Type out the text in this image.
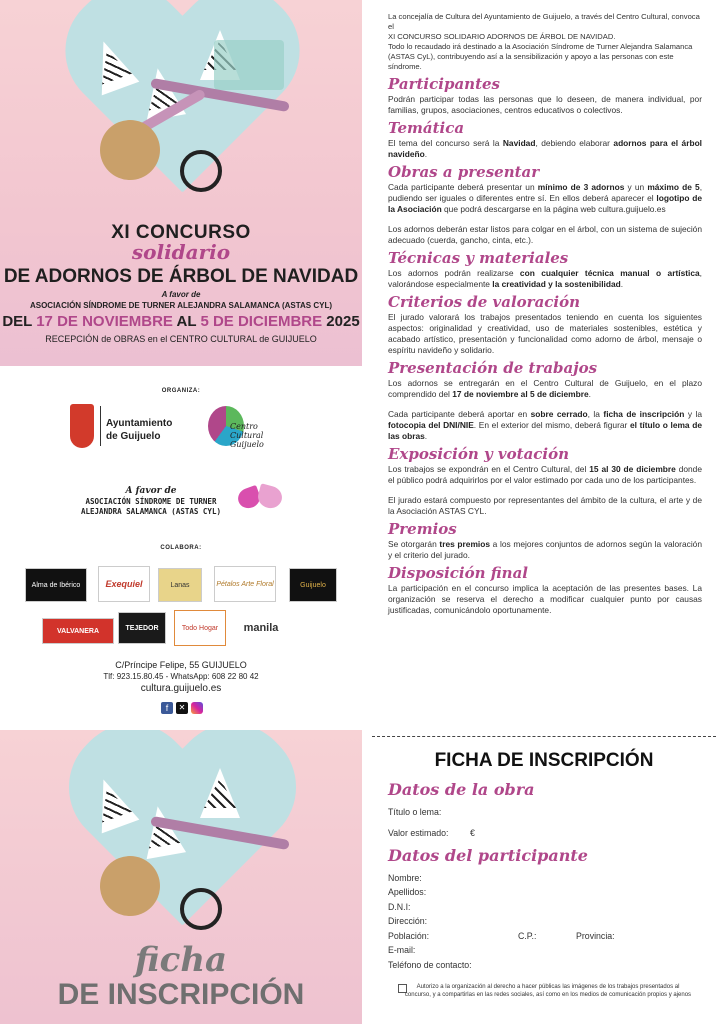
XI CONCURSO
solidario
DE ADORNOS DE ÁRBOL DE NAVIDAD
A favor de
ASOCIACIÓN SÍNDROME DE TURNER ALEJANDRA SALAMANCA (ASTAS CYL)
DEL 17 DE NOVIEMBRE AL 5 DE DICIEMBRE 2025
RECEPCIÓN de OBRAS en el CENTRO CULTURAL de GUIJUELO
ORGANIZA:
Ayuntamiento de Guijuelo
Centro Cultural Guijuelo
A favor de
ASOCIACIÓN SÍNDROME DE TURNER ALEJANDRA SALAMANCA (ASTAS CYL)
COLABORA:
Alma de Ibérico	Exequiel	Lanas	Pétalos Arte Floral	Guijuelo
VALVANERA	TEJEDOR	Todo Hogar	manila
C/Príncipe Felipe, 55 GUIJUELO
Tlf: 923.15.80.45 - WhatsApp: 608 22 80 42
cultura.guijuelo.es
f	✕

La concejalía de Cultura del Ayuntamiento de Guijuelo, a través del Centro Cultural, convoca el
XI CONCURSO SOLIDARIO ADORNOS DE ÁRBOL DE NAVIDAD.
Todo lo recaudado irá destinado a la Asociación Síndrome de Turner Alejandra Salamanca
(ASTAS CyL), contribuyendo así a la sensibilización y apoyo a las personas con este síndrome.

Participantes

Podrán participar todas las personas que lo deseen, de manera individual, por familias, grupos, asociaciones, centros educativos o colectivos.

Temática

El tema del concurso será la Navidad, debiendo elaborar adornos para el árbol navideño.

Obras a presentar

Cada participante deberá presentar un mínimo de 3 adornos y un máximo de 5, pudiendo ser iguales o diferentes entre sí. En ellos deberá aparecer el logotipo de la Asociación que podrá descargarse en la página web cultura.guijuelo.es

Los adornos deberán estar listos para colgar en el árbol, con un sistema de sujeción adecuado (cuerda, gancho, cinta, etc.).

Técnicas y materiales

Los adornos podrán realizarse con cualquier técnica manual o artística, valorándose especialmente la creatividad y la sostenibilidad.

Criterios de valoración

El jurado valorará los trabajos presentados teniendo en cuenta los siguientes aspectos: originalidad y creatividad, uso de materiales sostenibles, estética y acabado artístico, presentación y funcionalidad como adorno de árbol, mensaje o espíritu navideño y solidario.

Presentación de trabajos

Los adornos se entregarán en el Centro Cultural de Guijuelo, en el plazo comprendido del 17 de noviembre al 5 de diciembre.

Cada participante deberá aportar en sobre cerrado, la ficha de inscripción y la fotocopia del DNI/NIE. En el exterior del mismo, deberá figurar el título o lema de las obras.

Exposición y votación

Los trabajos se expondrán en el Centro Cultural, del 15 al 30 de diciembre donde el público podrá adquirirlos por el valor estimado por cada uno de los participantes.

El jurado estará compuesto por representantes del ámbito de la cultura, el arte y de la Asociación ASTAS CYL.

Premios

Se otorgarán tres premios a los mejores conjuntos de adornos según la valoración y el criterio del jurado.

Disposición final

La participación en el concurso implica la aceptación de las presentes bases. La organización se reserva el derecho a modificar cualquier punto por causas justificadas, comunicándolo oportunamente.

ficha
DE INSCRIPCIÓN
FICHA DE INSCRIPCIÓN
Datos de la obra
Título o lema:
Valor estimado: €
Datos del participante
Nombre:
Apellidos:
D.N.I:
Dirección:
Población:	C.P.:	Provincia:
E-mail:
Teléfono de contacto:
Autorizo a la organización al derecho a hacer públicas las imágenes de los trabajos presentados al
concurso, y a compartirlas en las redes sociales, así como en los medios de comunicación propios y ajenos
